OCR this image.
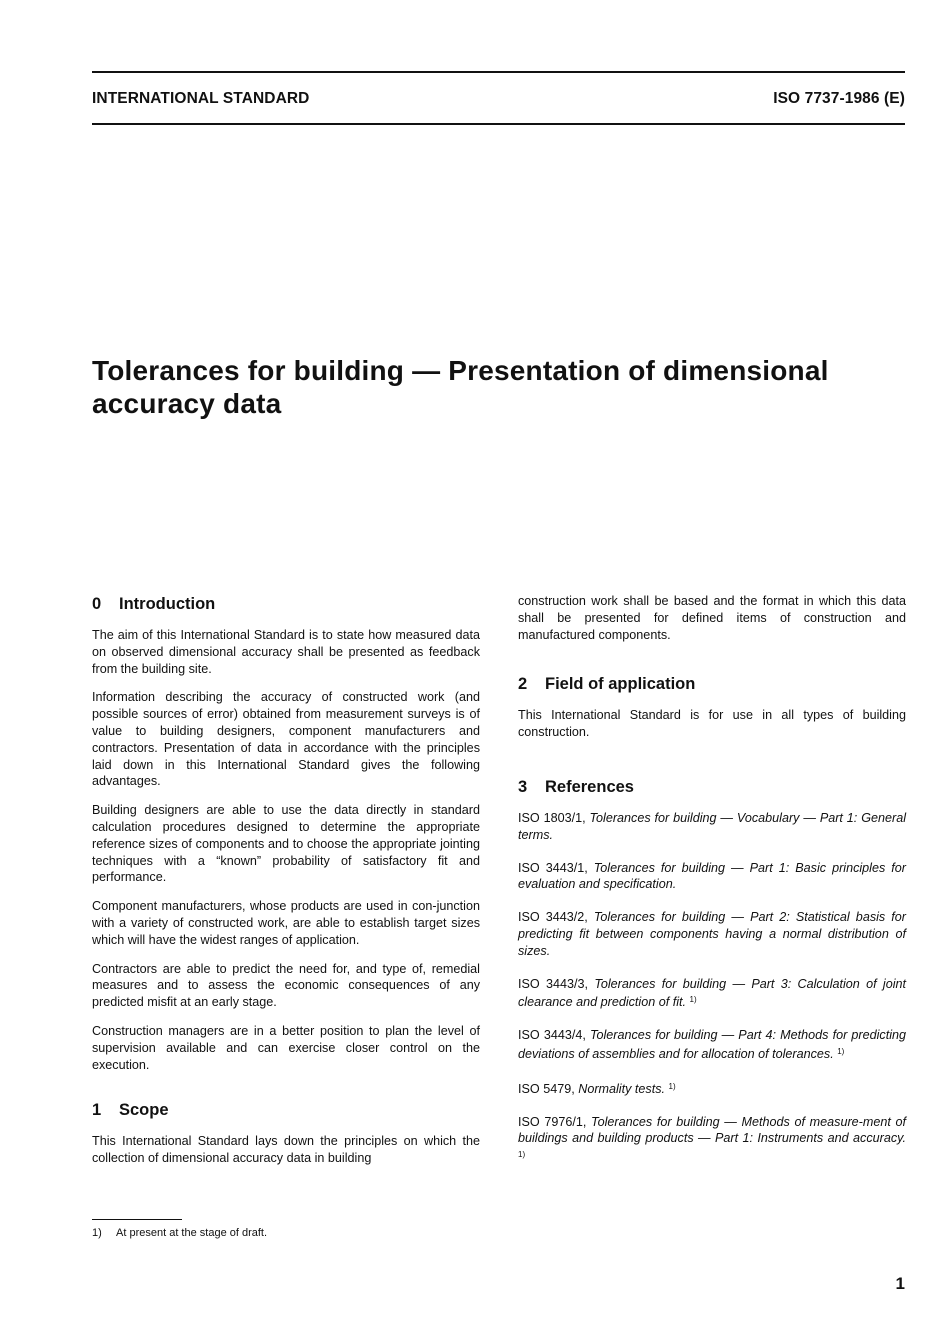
INTERNATIONAL STANDARD	ISO 7737-1986 (E)
Tolerances for building — Presentation of dimensional
accuracy data
0 Introduction

The aim of this International Standard is to state how measured data on observed dimensional accuracy shall be presented as feedback from the building site.

Information describing the accuracy of constructed work (and possible sources of error) obtained from measurement surveys is of value to building designers, component manufacturers and contractors. Presentation of data in accordance with the principles laid down in this International Standard gives the following advantages.

Building designers are able to use the data directly in standard calculation procedures designed to determine the appropriate reference sizes of components and to choose the appropriate jointing techniques with a “known” probability of satisfactory fit and performance.

Component manufacturers, whose products are used in con-junction with a variety of constructed work, are able to establish target sizes which will have the widest ranges of application.

Contractors are able to predict the need for, and type of, remedial measures and to assess the economic consequences of any predicted misfit at an early stage.

Construction managers are in a better position to plan the level of supervision available and can exercise closer control on the execution.

1 Scope

This International Standard lays down the principles on which the collection of dimensional accuracy data in building

construction work shall be based and the format in which this data shall be presented for defined items of construction and manufactured components.

2 Field of application

This International Standard is for use in all types of building construction.

3 References

ISO 1803/1, Tolerances for building — Vocabulary — Part 1: General terms.

ISO 3443/1, Tolerances for building — Part 1: Basic principles for evaluation and specification.

ISO 3443/2, Tolerances for building — Part 2: Statistical basis for predicting fit between components having a normal distribution of sizes.

ISO 3443/3, Tolerances for building — Part 3: Calculation of joint clearance and prediction of fit. $^{1)}$

ISO 3443/4, Tolerances for building — Part 4: Methods for predicting deviations of assemblies and for allocation of tolerances. $^{1)}$

ISO 5479, Normality tests. $^{1)}$

ISO 7976/1, Tolerances for building — Methods of measure-ment of buildings and building products — Part 1: Instruments and accuracy. $^{1)}$

1) At present at the stage of draft.
1
